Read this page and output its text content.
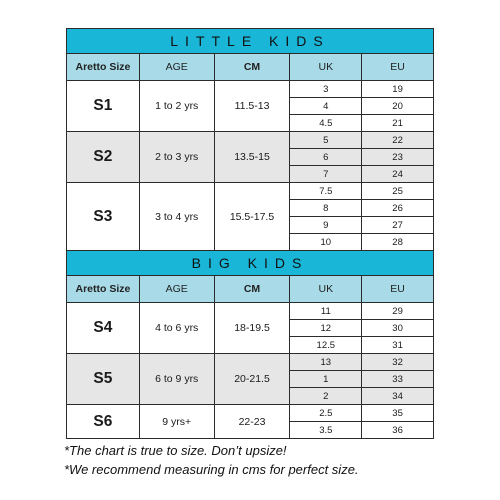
LITTLE KIDS				
Aretto Size	AGE	CM	UK	EU
S1	1 to 2 yrs	11.5-13	3	19
			4	20
			4.5	21
S2	2 to 3 yrs	13.5-15	5	22
			6	23
			7	24
S3	3 to 4 yrs	15.5-17.5	7.5	25
			8	26
			9	27
			10	28
BIG KIDS				
Aretto Size	AGE	CM	UK	EU
S4	4 to 6 yrs	18-19.5	11	29
			12	30
			12.5	31
S5	6 to 9 yrs	20-21.5	13	32
			1	33
			2	34
S6	9 yrs+	22-23	2.5	35
			3.5	36
*The chart is true to size. Don’t upsize!
*We recommend measuring in cms for perfect size.
